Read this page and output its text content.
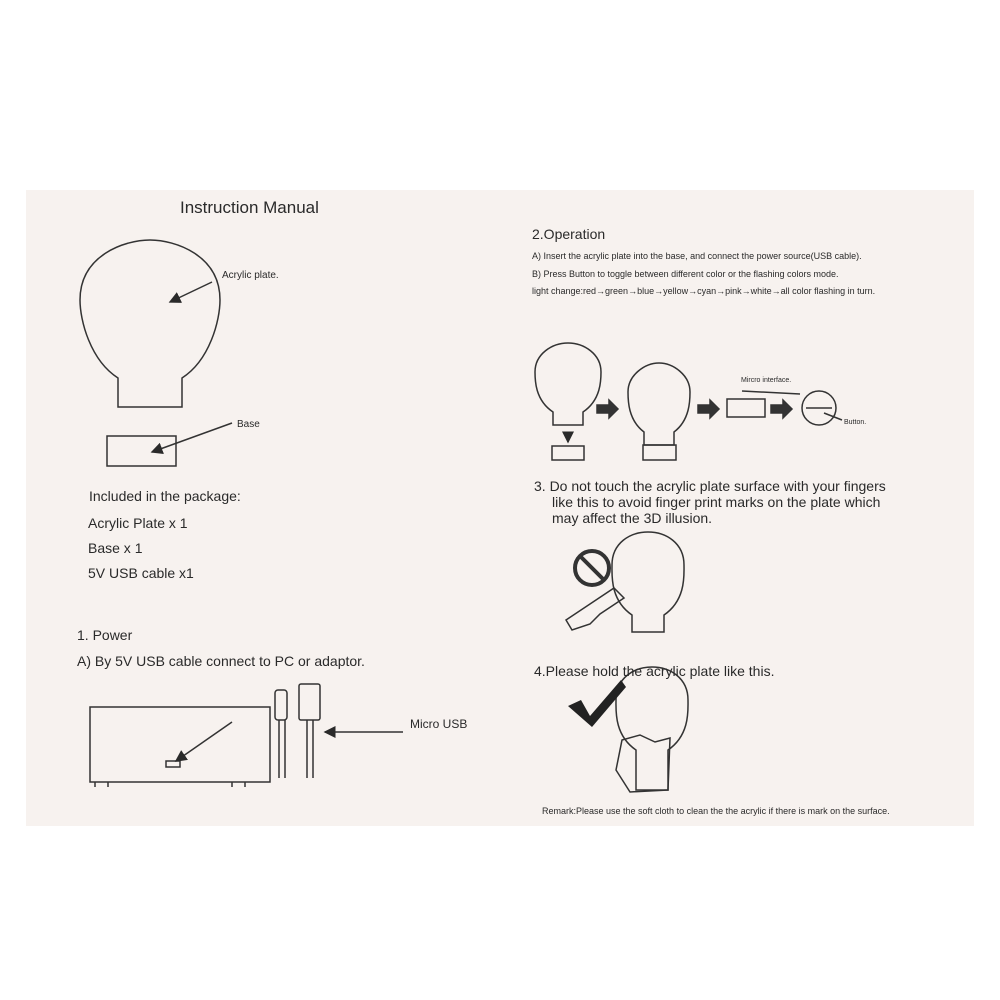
Instruction Manual
Acrylic plate.
Base
Included in the package:
Acrylic Plate x 1
Base x 1
5V USB cable x1
1. Power
A) By 5V USB cable connect to PC or adaptor.
Micro USB
2.Operation
A) Insert the acrylic plate into the base, and connect the power source(USB cable).
B) Press Button to toggle between different color or the flashing colors mode.
light change:red→green→blue→yellow→cyan→pink→white→all color flashing in turn.
Mircro interface.
Button.
3. Do not touch the acrylic plate surface with your fingers
like this to avoid finger print marks on the plate which
may affect the 3D illusion.
4.Please hold the acrylic plate like this.
Remark:Please use the soft cloth to clean the the acrylic if there is mark on the surface.
